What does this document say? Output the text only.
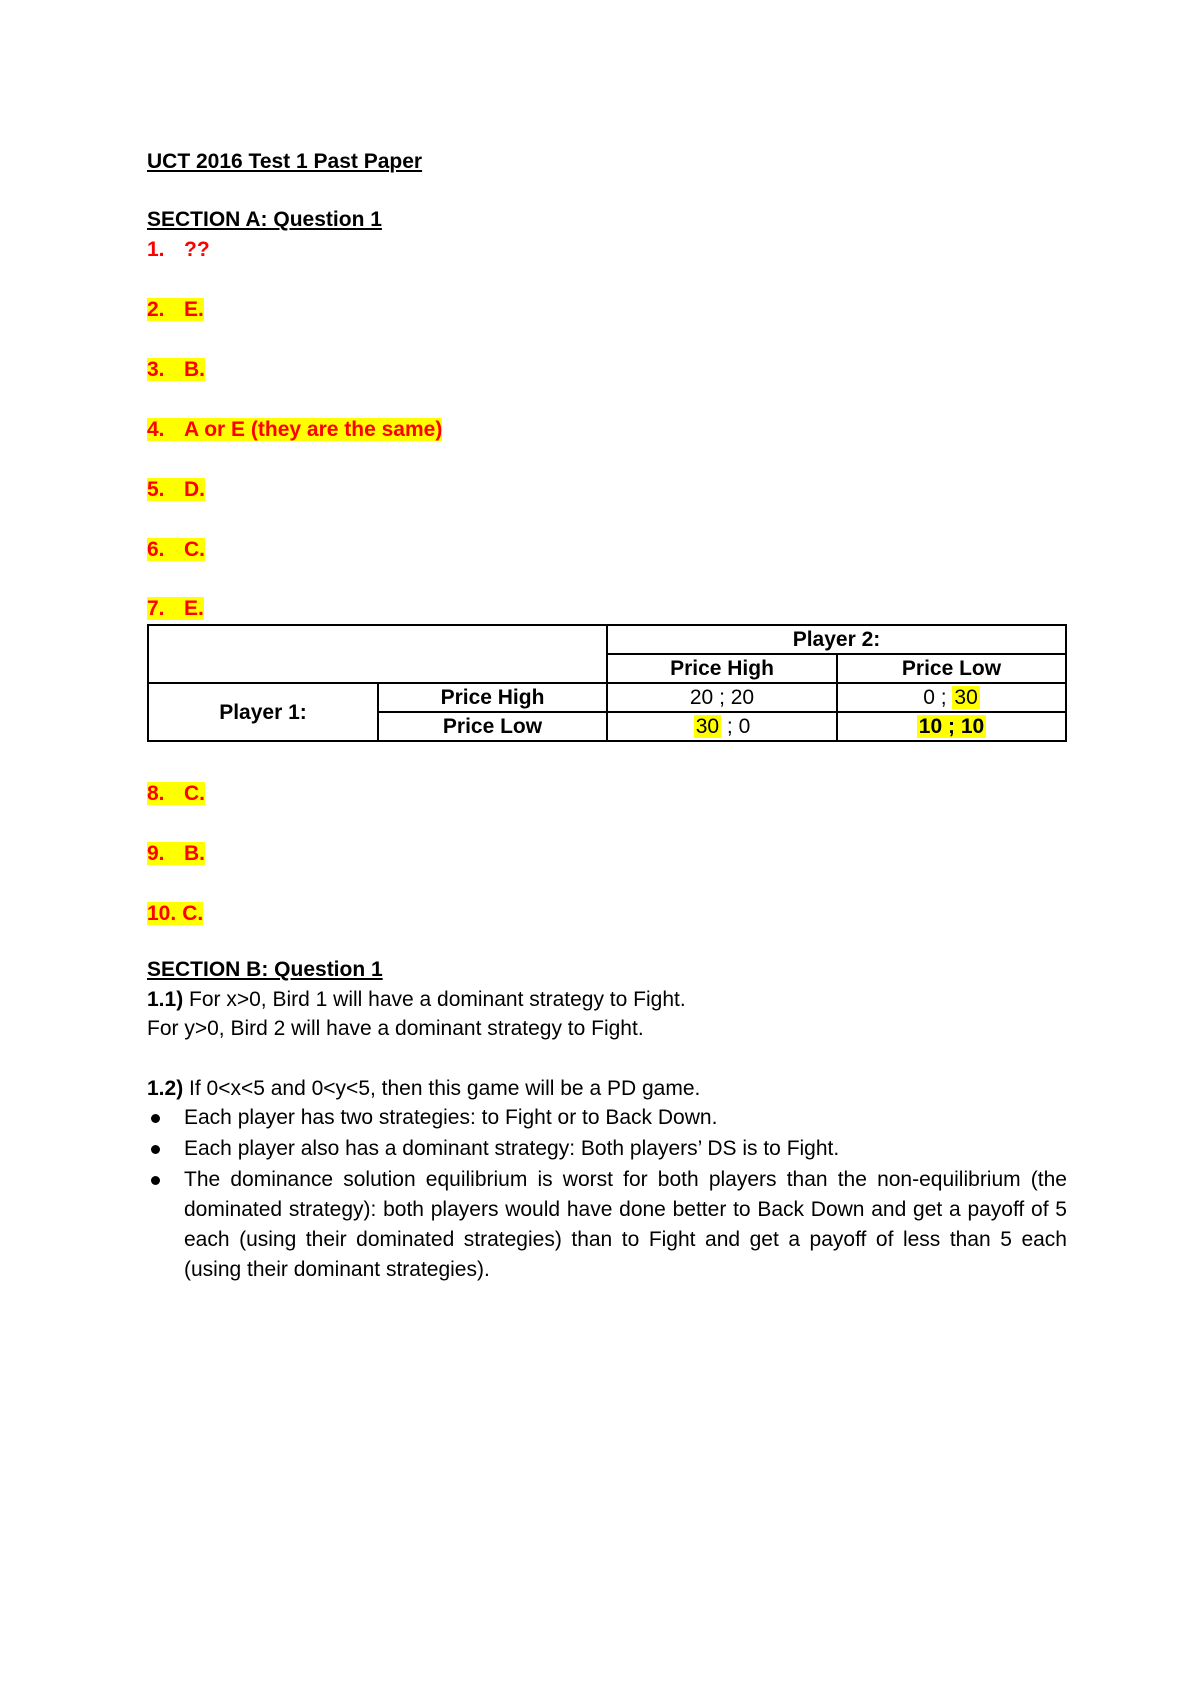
UCT 2016 Test 1 Past Paper
SECTION A: Question 1
1. ??
2. E.
3. B.
4. A or E (they are the same)
5. D.
6. C.
7. E.
		Player 2:	
		Price High	Price Low
Player 1:	Price High	20 ; 20	0 ; 30
	Price Low	30 ; 0	10 ; 10
8. C.
9. B.
10. C.
SECTION B: Question 1
1.1) For x>0, Bird 1 will have a dominant strategy to Fight.
For y>0, Bird 2 will have a dominant strategy to Fight.
1.2) If 0<x<5 and 0<y<5, then this game will be a PD game.
Each player has two strategies: to Fight or to Back Down.
Each player also has a dominant strategy: Both players’ DS is to Fight.
The dominance solution equilibrium is worst for both players than the non-equilibrium (the dominated strategy): both players would have done better to Back Down and get a payoff of 5 each (using their dominated strategies) than to Fight and get a payoff of less than 5 each (using their dominant strategies).
